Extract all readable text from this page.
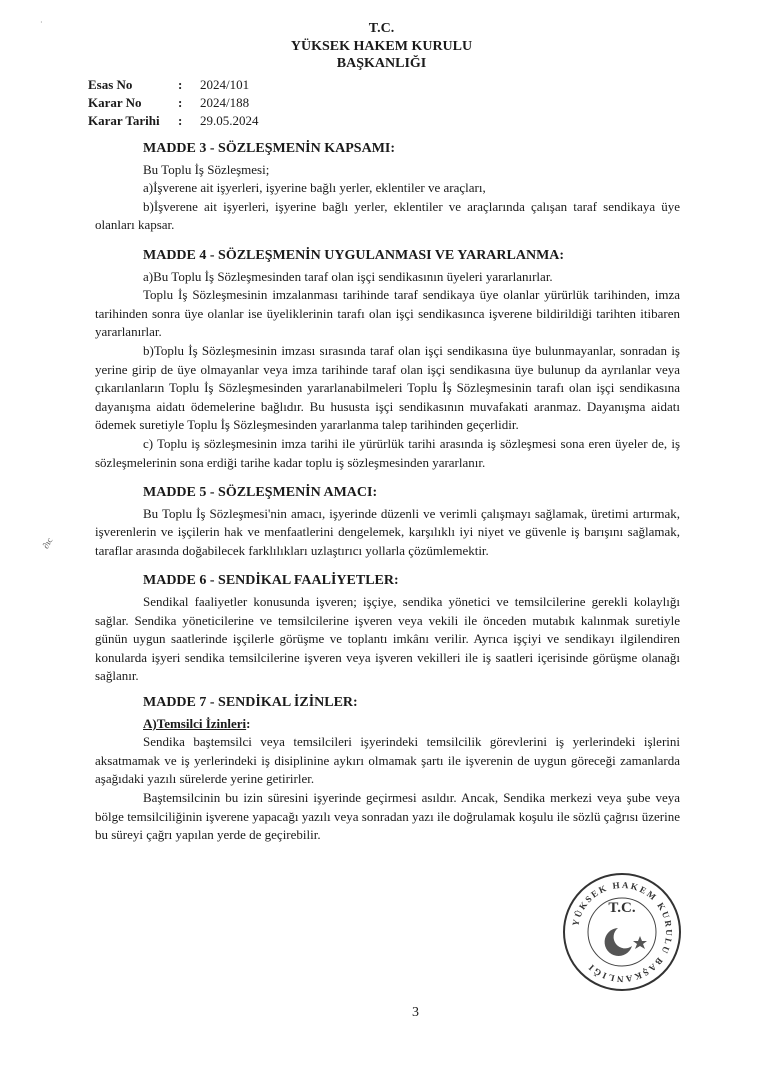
·	T.C.
YÜKSEK HAKEM KURULU
BAŞKANLIĞI
Esas No	:	2024/101
Karar No	:	2024/188
Karar Tarihi	:	29.05.2024
MADDE 3 - SÖZLEŞMENİN KAPSAMI:

Bu Toplu İş Sözleşmesi;

a)İşverene ait işyerleri, işyerine bağlı yerler, eklentiler ve araçları,

b)İşverene ait işyerleri, işyerine bağlı yerler, eklentiler ve araçlarında çalışan taraf sendikaya üye olanları kapsar.

MADDE 4 - SÖZLEŞMENİN UYGULANMASI VE YARARLANMA:

a)Bu Toplu İş Sözleşmesinden taraf olan işçi sendikasının üyeleri yararlanırlar.

Toplu İş Sözleşmesinin imzalanması tarihinde taraf sendikaya üye olanlar yürürlük tarihinden, imza tarihinden sonra üye olanlar ise üyeliklerinin tarafı olan işçi sendikasınca işverene bildirildiği tarihten itibaren yararlanırlar.

b)Toplu İş Sözleşmesinin imzası sırasında taraf olan işçi sendikasına üye bulunmayanlar, sonradan iş yerine girip de üye olmayanlar veya imza tarihinde taraf olan işçi sendikasına üye bulunup da ayrılanlar veya çıkarılanların Toplu İş Sözleşmesinden yararlanabilmeleri Toplu İş Sözleşmesinin tarafı olan işçi sendikasına dayanışma aidatı ödemelerine bağlıdır. Bu hususta işçi sendikasının muvafakati aranmaz. Dayanışma aidatı ödemek suretiyle Toplu İş Sözleşmesinden yararlanma talep tarihinden geçerlidir.

c) Toplu iş sözleşmesinin imza tarihi ile yürürlük tarihi arasında iş sözleşmesi sona eren üyeler de, iş sözleşmelerinin sona erdiği tarihe kadar toplu iş sözleşmesinden yararlanır.

MADDE 5 - SÖZLEŞMENİN AMACI:

Bu Toplu İş Sözleşmesi'nin amacı, işyerinde düzenli ve verimli çalışmayı sağlamak, üretimi artırmak, işverenlerin ve işçilerin hak ve menfaatlerini dengelemek, karşılıklı iyi niyet ve güvenle iş barışını sağlamak, taraflar arasında doğabilecek farklılıkları uzlaştırıcı yollarla çözümlemektir.

MADDE 6 - SENDİKAL FAALİYETLER:

Sendikal faaliyetler konusunda işveren; işçiye, sendika yönetici ve temsilcilerine gerekli kolaylığı sağlar. Sendika yöneticilerine ve temsilcilerine işveren veya vekili ile önceden mutabık kalınmak suretiyle günün uygun saatlerinde işçilerle görüşme ve toplantı imkânı verilir. Ayrıca işçiyi ve sendikayı ilgilendiren konularda işyeri sendika temsilcilerine işveren veya işveren vekilleri ile iş saatleri içerisinde görüşme olanağı sağlanır.

MADDE 7 - SENDİKAL İZİNLER:
A)Temsilci İzinleri:

Sendika baştemsilci veya temsilcileri işyerindeki temsilcilik görevlerini iş yerlerindeki işlerini aksatmamak ve iş yerlerindeki iş disiplinine aykırı olmamak şartı ile işverenin de uygun göreceği zamanlarda aşağıdaki yazılı sürelerde yerine getirirler.

Baştemsilcinin bu izin süresini işyerinde geçirmesi asıldır. Ancak, Sendika merkezi veya şube veya bölge temsilciliğinin işverene yapacağı yazılı veya sonradan yazı ile doğrulamak koşulu ile sözlü çağrısı üzerine bu süreyi çağrı yapılan yerde de geçirebilir.

∂ıc
YÜKSEK HAKEM KURULU BAŞKANLIĞI
T.C.
3
